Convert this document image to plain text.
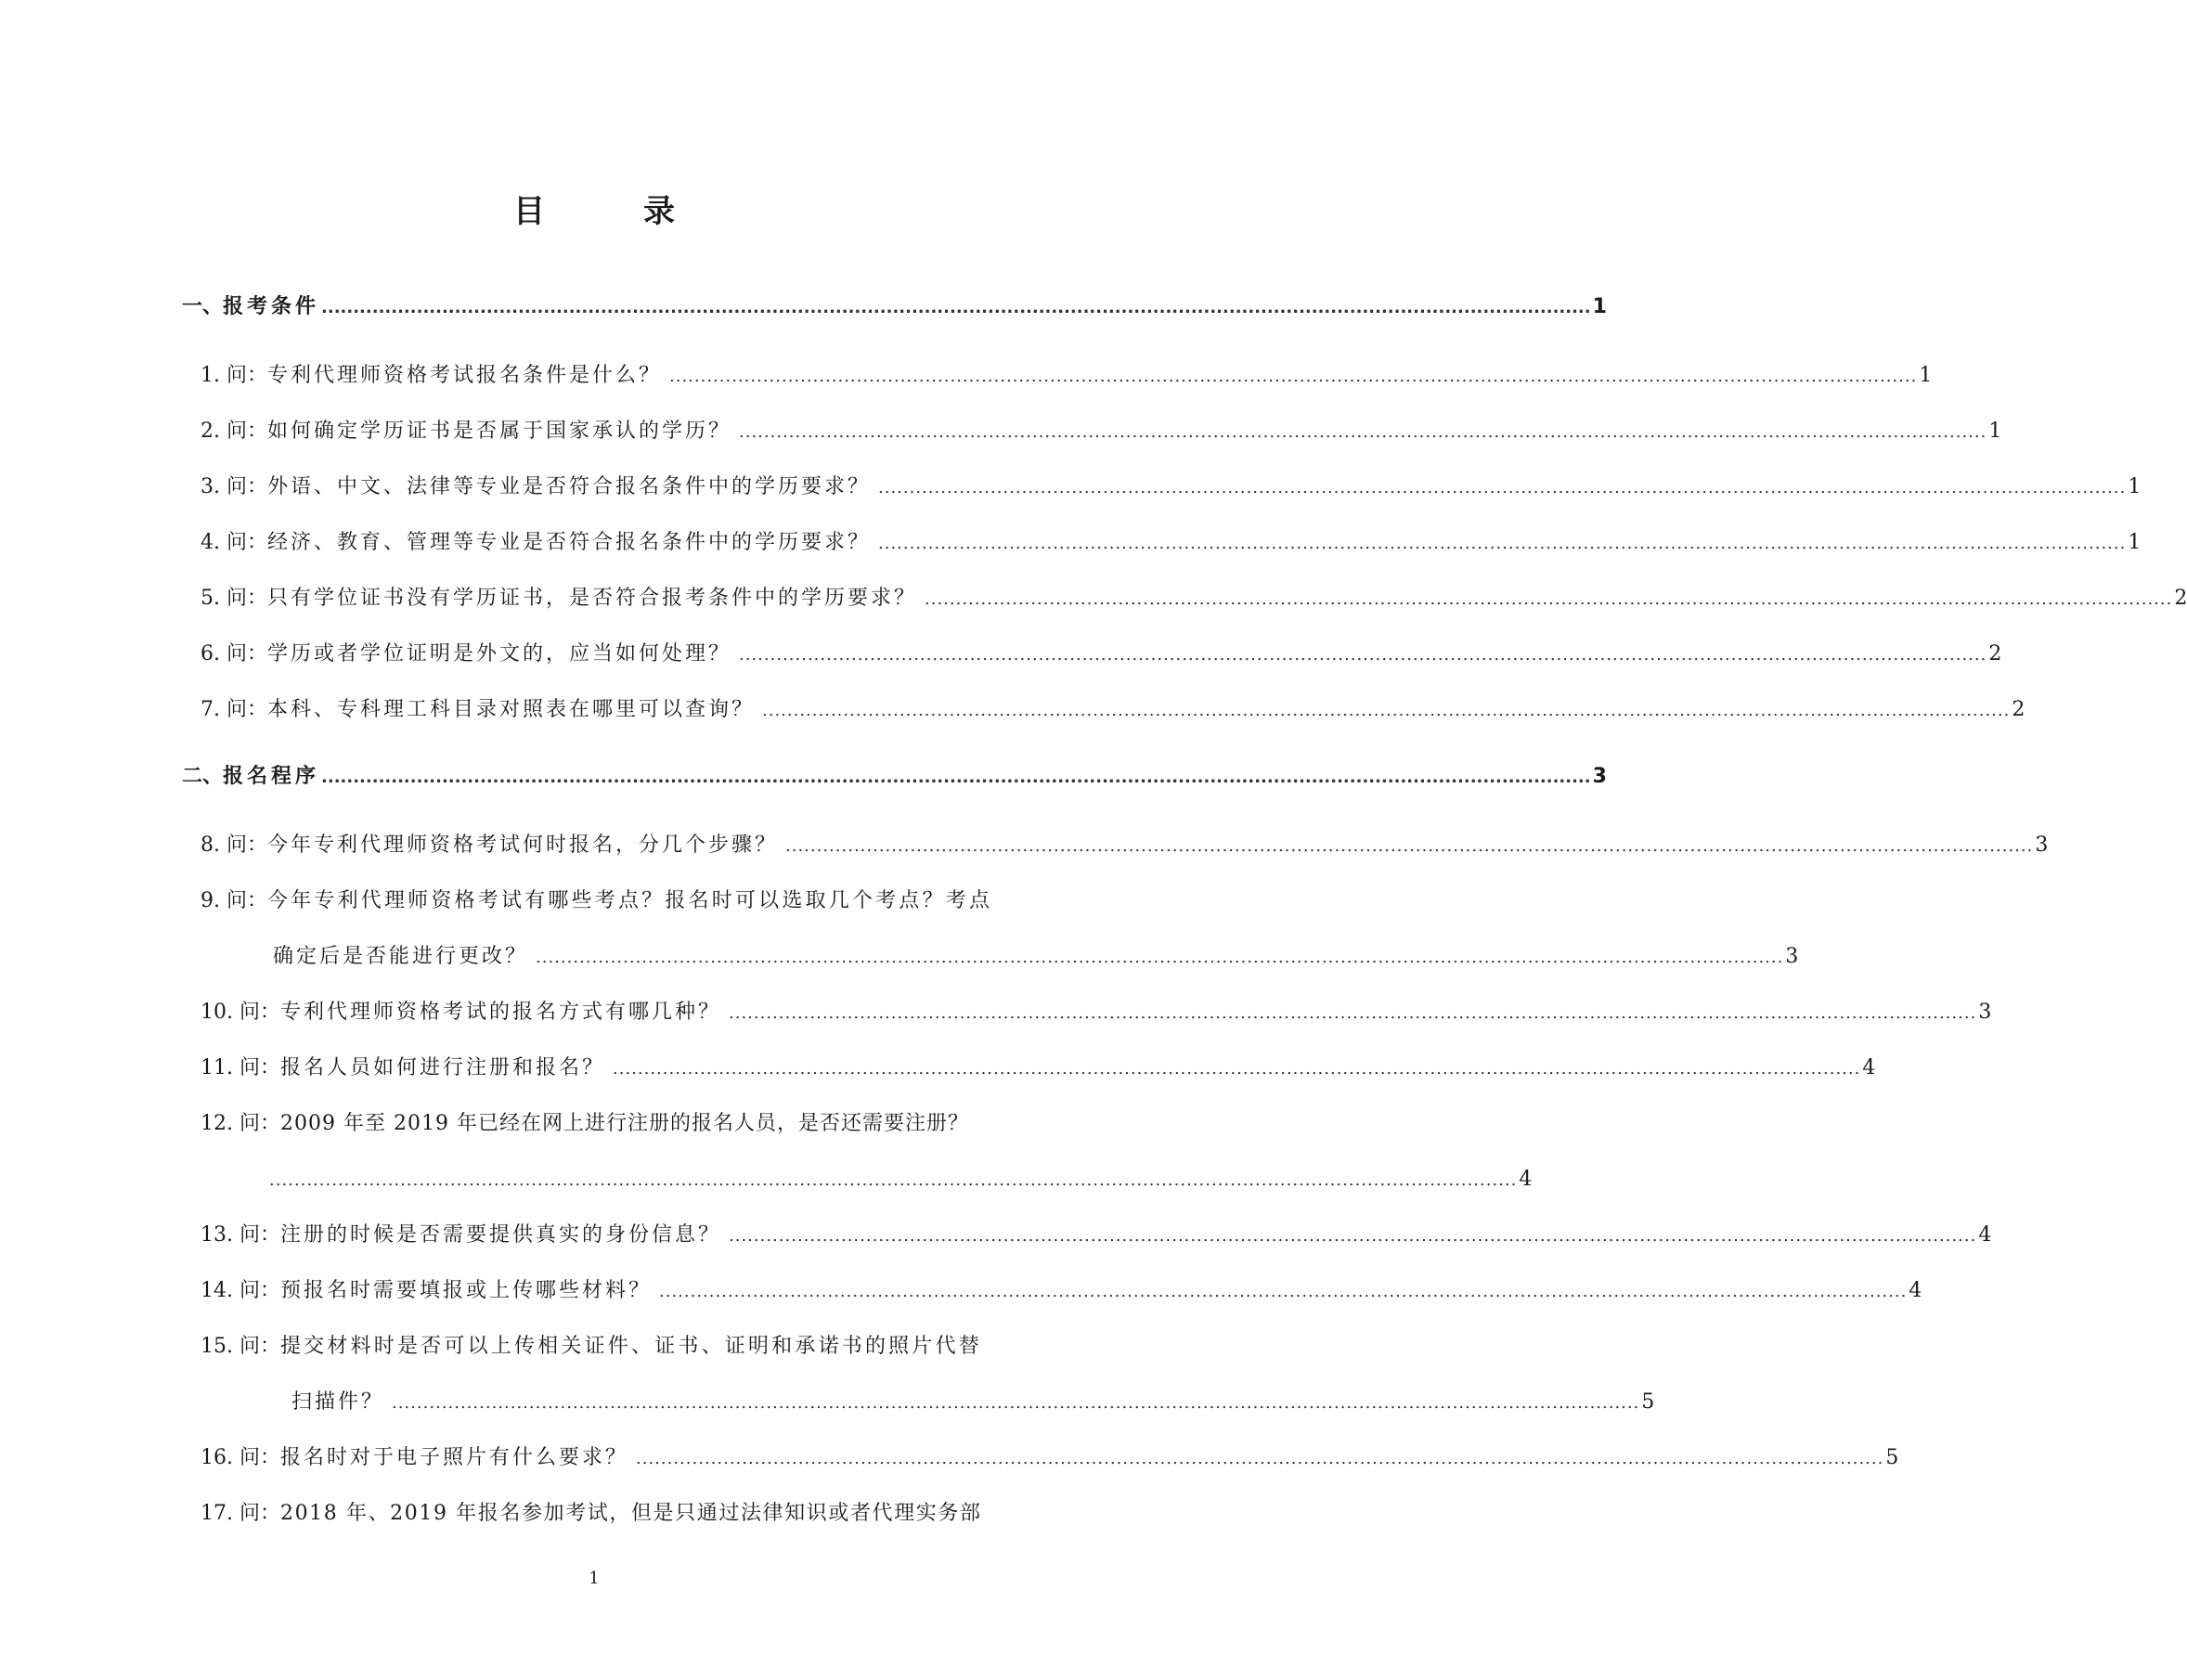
目　录
一、 报考条件 ........................................................................................................................................................................................................ 1
1. 问： 专利代理师资格考试报名条件是什么？ ........................................................................................................................................................................................................ 1
2. 问： 如何确定学历证书是否属于国家承认的学历？ ........................................................................................................................................................................................................ 1
3. 问： 外语、中文、法律等专业是否符合报名条件中的学历要求？ ........................................................................................................................................................................................................ 1
4. 问： 经济、教育、管理等专业是否符合报名条件中的学历要求？ ........................................................................................................................................................................................................ 1
5. 问： 只有学位证书没有学历证书，是否符合报考条件中的学历要求？ ........................................................................................................................................................................................................ 2
6. 问： 学历或者学位证明是外文的，应当如何处理？ ........................................................................................................................................................................................................ 2
7. 问： 本科、专科理工科目录对照表在哪里可以查询？ ........................................................................................................................................................................................................ 2
二、 报名程序 ........................................................................................................................................................................................................ 3
8. 问： 今年专利代理师资格考试何时报名，分几个步骤？ ........................................................................................................................................................................................................ 3
9. 问： 今年专利代理师资格考试有哪些考点？报名时可以选取几个考点？考点
确定后是否能进行更改？ ........................................................................................................................................................................................................ 3
10. 问： 专利代理师资格考试的报名方式有哪几种？ ........................................................................................................................................................................................................ 3
11. 问： 报名人员如何进行注册和报名？ ........................................................................................................................................................................................................ 4
12. 问： 2009 年至 2019 年已经在网上进行注册的报名人员，是否还需要注册？
........................................................................................................................................................................................................ 4
13. 问： 注册的时候是否需要提供真实的身份信息？ ........................................................................................................................................................................................................ 4
14. 问： 预报名时需要填报或上传哪些材料？ ........................................................................................................................................................................................................ 4
15. 问： 提交材料时是否可以上传相关证件、证书、证明和承诺书的照片代替
扫描件？ ........................................................................................................................................................................................................ 5
16. 问： 报名时对于电子照片有什么要求？ ........................................................................................................................................................................................................ 5
17. 问： 2018 年、2019 年报名参加考试，但是只通过法律知识或者代理实务部
1
